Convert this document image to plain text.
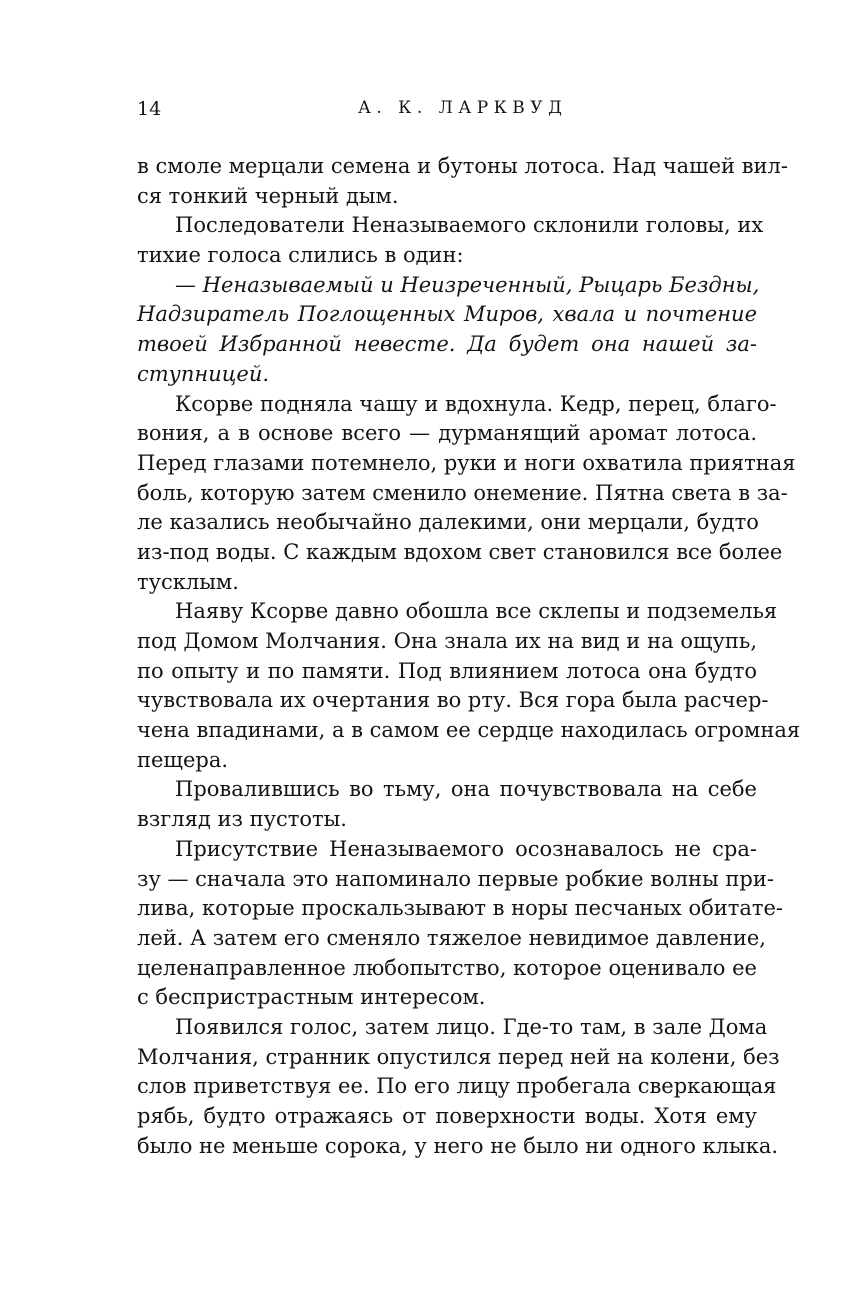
14	А. К. ЛАРКВУД
в смоле мерцали семена и бутоны лотоса. Над чашей вил-
ся тонкий черный дым.
Последователи Неназываемого склонили головы, их
тихие голоса слились в один:
— Неназываемый и Неизреченный, Рыцарь Бездны,
Надзиратель Поглощенных Миров, хвала и почтение
твоей Избранной невесте. Да будет она нашей за-
ступницей.
Ксорве подняла чашу и вдохнула. Кедр, перец, благо-
вония, а в основе всего — дурманящий аромат лотоса.
Перед глазами потемнело, руки и ноги охватила приятная
боль, которую затем сменило онемение. Пятна света в за-
ле казались необычайно далекими, они мерцали, будто
из-под воды. С каждым вдохом свет становился все более
тусклым.
Наяву Ксорве давно обошла все склепы и подземелья
под Домом Молчания. Она знала их на вид и на ощупь,
по опыту и по памяти. Под влиянием лотоса она будто
чувствовала их очертания во рту. Вся гора была расчер-
чена впадинами, а в самом ее сердце находилась огромная
пещера.
Провалившись во тьму, она почувствовала на себе
взгляд из пустоты.
Присутствие Неназываемого осознавалось не сра-
зу — сначала это напоминало первые робкие волны при-
лива, которые проскальзывают в норы песчаных обитате-
лей. А затем его сменяло тяжелое невидимое давление,
целенаправленное любопытство, которое оценивало ее
с беспристрастным интересом.
Появился голос, затем лицо. Где-то там, в зале Дома
Молчания, странник опустился перед ней на колени, без
слов приветствуя ее. По его лицу пробегала сверкающая
рябь, будто отражаясь от поверхности воды. Хотя ему
было не меньше сорока, у него не было ни одного клыка.
